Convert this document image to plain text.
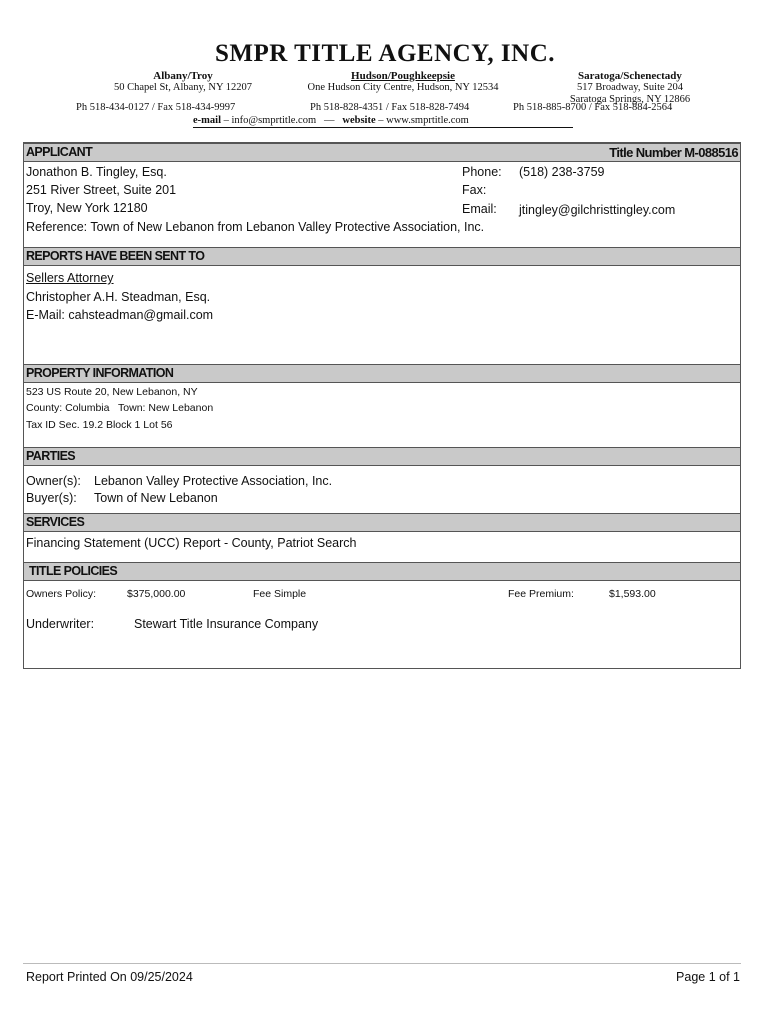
SMPR TITLE AGENCY, INC.
Albany/Troy
50 Chapel St, Albany, NY 12207
Hudson/Poughkeepsie
One Hudson City Centre, Hudson, NY 12534
Saratoga/Schenectady
517 Broadway, Suite 204
Saratoga Springs, NY 12866
Ph 518-434-0127 / Fax 518-434-9997	Ph 518-828-4351 / Fax 518-828-7494	Ph 518-885-8700 / Fax 518-884-2564
e-mail – info@smprtitle.com — website – www.smprtitle.com
APPLICANT	Title Number M-088516
Jonathon B. Tingley, Esq.
251 River Street, Suite 201
Troy, New York 12180
Reference: Town of New Lebanon from Lebanon Valley Protective Association, Inc.
Phone: (518) 238-3759
Fax:
Email: jtingley@gilchristtingley.com
REPORTS HAVE BEEN SENT TO
Sellers Attorney
Christopher A.H. Steadman, Esq.
E-Mail: cahsteadman@gmail.com
PROPERTY INFORMATION
523 US Route 20, New Lebanon, NY
County: Columbia   Town: New Lebanon
Tax ID Sec. 19.2 Block 1 Lot 56
PARTIES
Owner(s): Lebanon Valley Protective Association, Inc.
Buyer(s): Town of New Lebanon
SERVICES
Financing Statement (UCC) Report - County, Patriot Search
TITLE POLICIES
Owners Policy:	$375,000.00	Fee Simple	Fee Premium:	$1,593.00
Underwriter:	Stewart Title Insurance Company
Report Printed On 09/25/2024	Page 1 of 1
